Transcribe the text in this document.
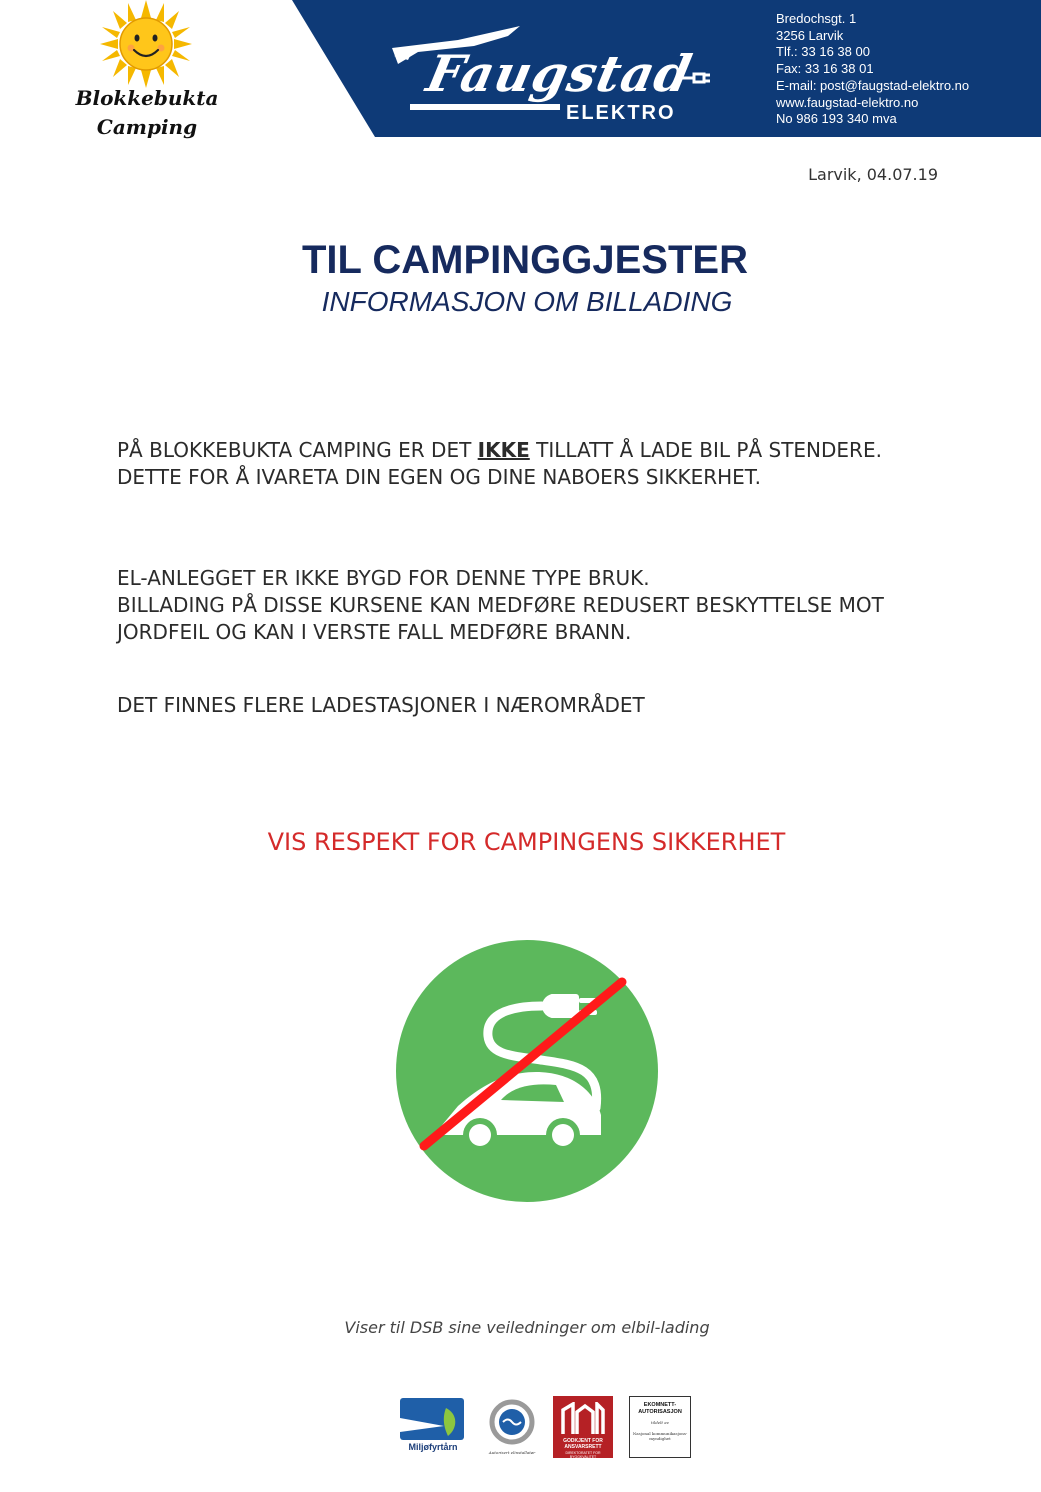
Blokkebukta
Camping
Faugstad
ELEKTRO
Bredochsgt. 1
3256 Larvik
Tlf.: 33 16 38 00
Fax: 33 16 38 01
E-mail: post@faugstad-elektro.no
www.faugstad-elektro.no
No 986 193 340 mva
Larvik, 04.07.19
TIL CAMPINGGJESTER
INFORMASJON OM BILLADING

PÅ BLOKKEBUKTA CAMPING ER DET IKKE TILLATT Å LADE BIL PÅ STENDERE. DETTE FOR Å IVARETA DIN EGEN OG DINE NABOERS SIKKERHET.

EL-ANLEGGET ER IKKE BYGD FOR DENNE TYPE BRUK.
BILLADING PÅ DISSE KURSENE KAN MEDFØRE REDUSERT BESKYTTELSE MOT JORDFEIL OG KAN I VERSTE FALL MEDFØRE BRANN.
DET FINNES FLERE LADESTASJONER I NÆROMRÅDET
VIS RESPEKT FOR CAMPINGENS SIKKERHET
Viser til DSB sine veiledninger om elbil-lading
Miljøfyrtårn
Autorisert elinstallatør
GODKJENT FOR ANSVARSRETT
DIREKTORATET FOR BYGGKVALITET
EKOMNETT-AUTORISASJON
tildelt av
Nasjonal kommunikasjons-myndighet
